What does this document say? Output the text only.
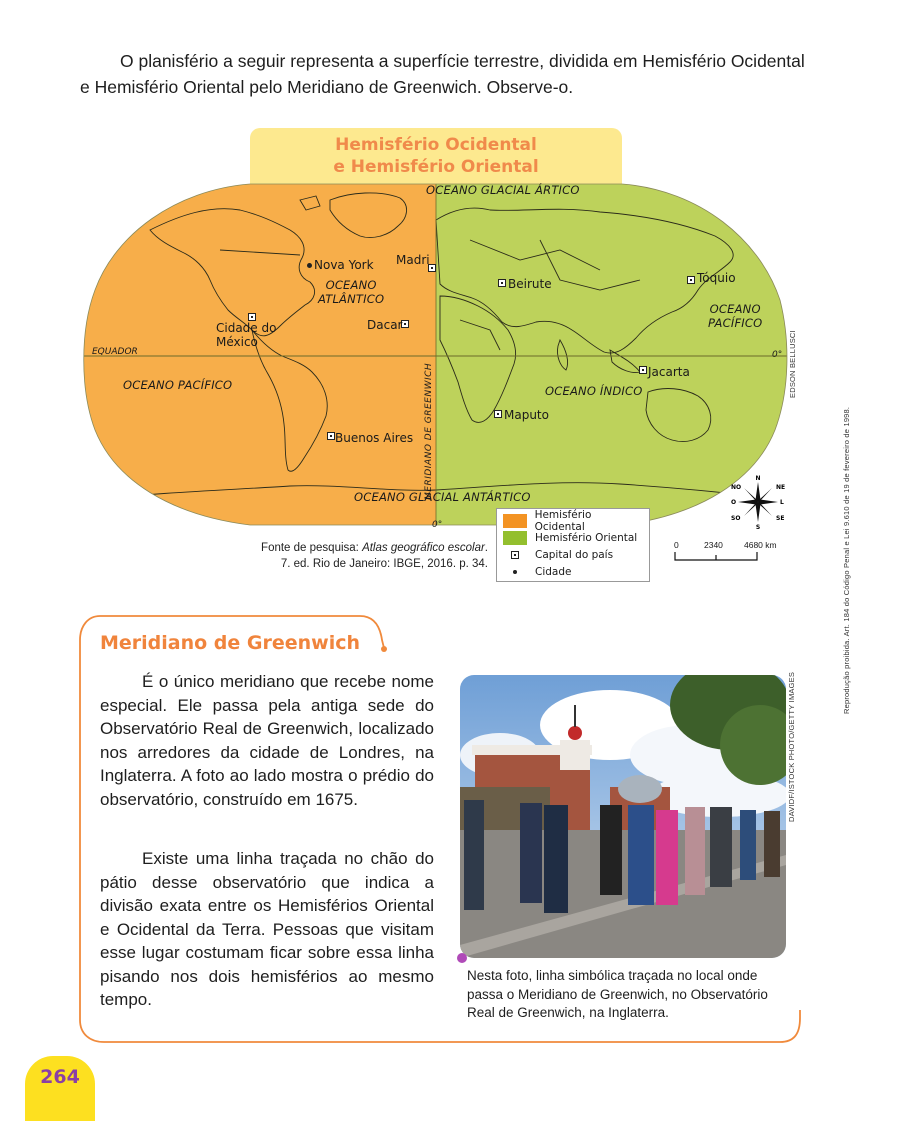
O planisfério a seguir representa a superfície terrestre, dividida em Hemisfério Ocidental e Hemisfério Oriental pelo Meridiano de Greenwich. Observe-o.

Hemisfério Ocidental
e Hemisfério Oriental
OCEANO GLACIAL ÁRTICO
OCEANO
ATLÂNTICO
OCEANO PACÍFICO
OCEANO
PACÍFICO
OCEANO ÍNDICO
OCEANO GLACIAL ANTÁRTICO
EQUADOR	0°
MERIDIANO DE GREENWICH
0°
Nova York Madri
Cidade do
México
Dacar
Buenos Aires
Beirute	Tóquio
Jacarta
Maputo
EDSON BELLUSCI
Fonte de pesquisa: Atlas geográfico escolar.
7. ed. Rio de Janeiro: IBGE, 2016. p. 34.
Hemisfério Ocidental
Hemisfério Oriental
Capital do país
Cidade
N
NE
L
SE
S
SO
O
NO
0	2340 4680 km	Reprodução proibida. Art. 184 do Código Penal e Lei 9.610 de 19 de fevereiro de 1998.
Meridiano de Greenwich

É o único meridiano que recebe nome especial. Ele passa pela antiga sede do Observatório Real de Greenwich, localizado nos arredores da cidade de Londres, na Inglaterra. A foto ao lado mostra o prédio do observatório, construído em 1675.

Existe uma linha traçada no chão do pátio desse observatório que indica a divisão exata entre os Hemisférios Oriental e Ocidental da Terra. Pessoas que visitam esse lugar costumam ficar sobre essa linha pisando nos dois hemisférios ao mesmo tempo.

DAVIDF/ISTOCK PHOTO/GETTY IMAGES
Nesta foto, linha simbólica traçada no local onde passa o Meridiano de Greenwich, no Observatório Real de Greenwich, na Inglaterra.
264
